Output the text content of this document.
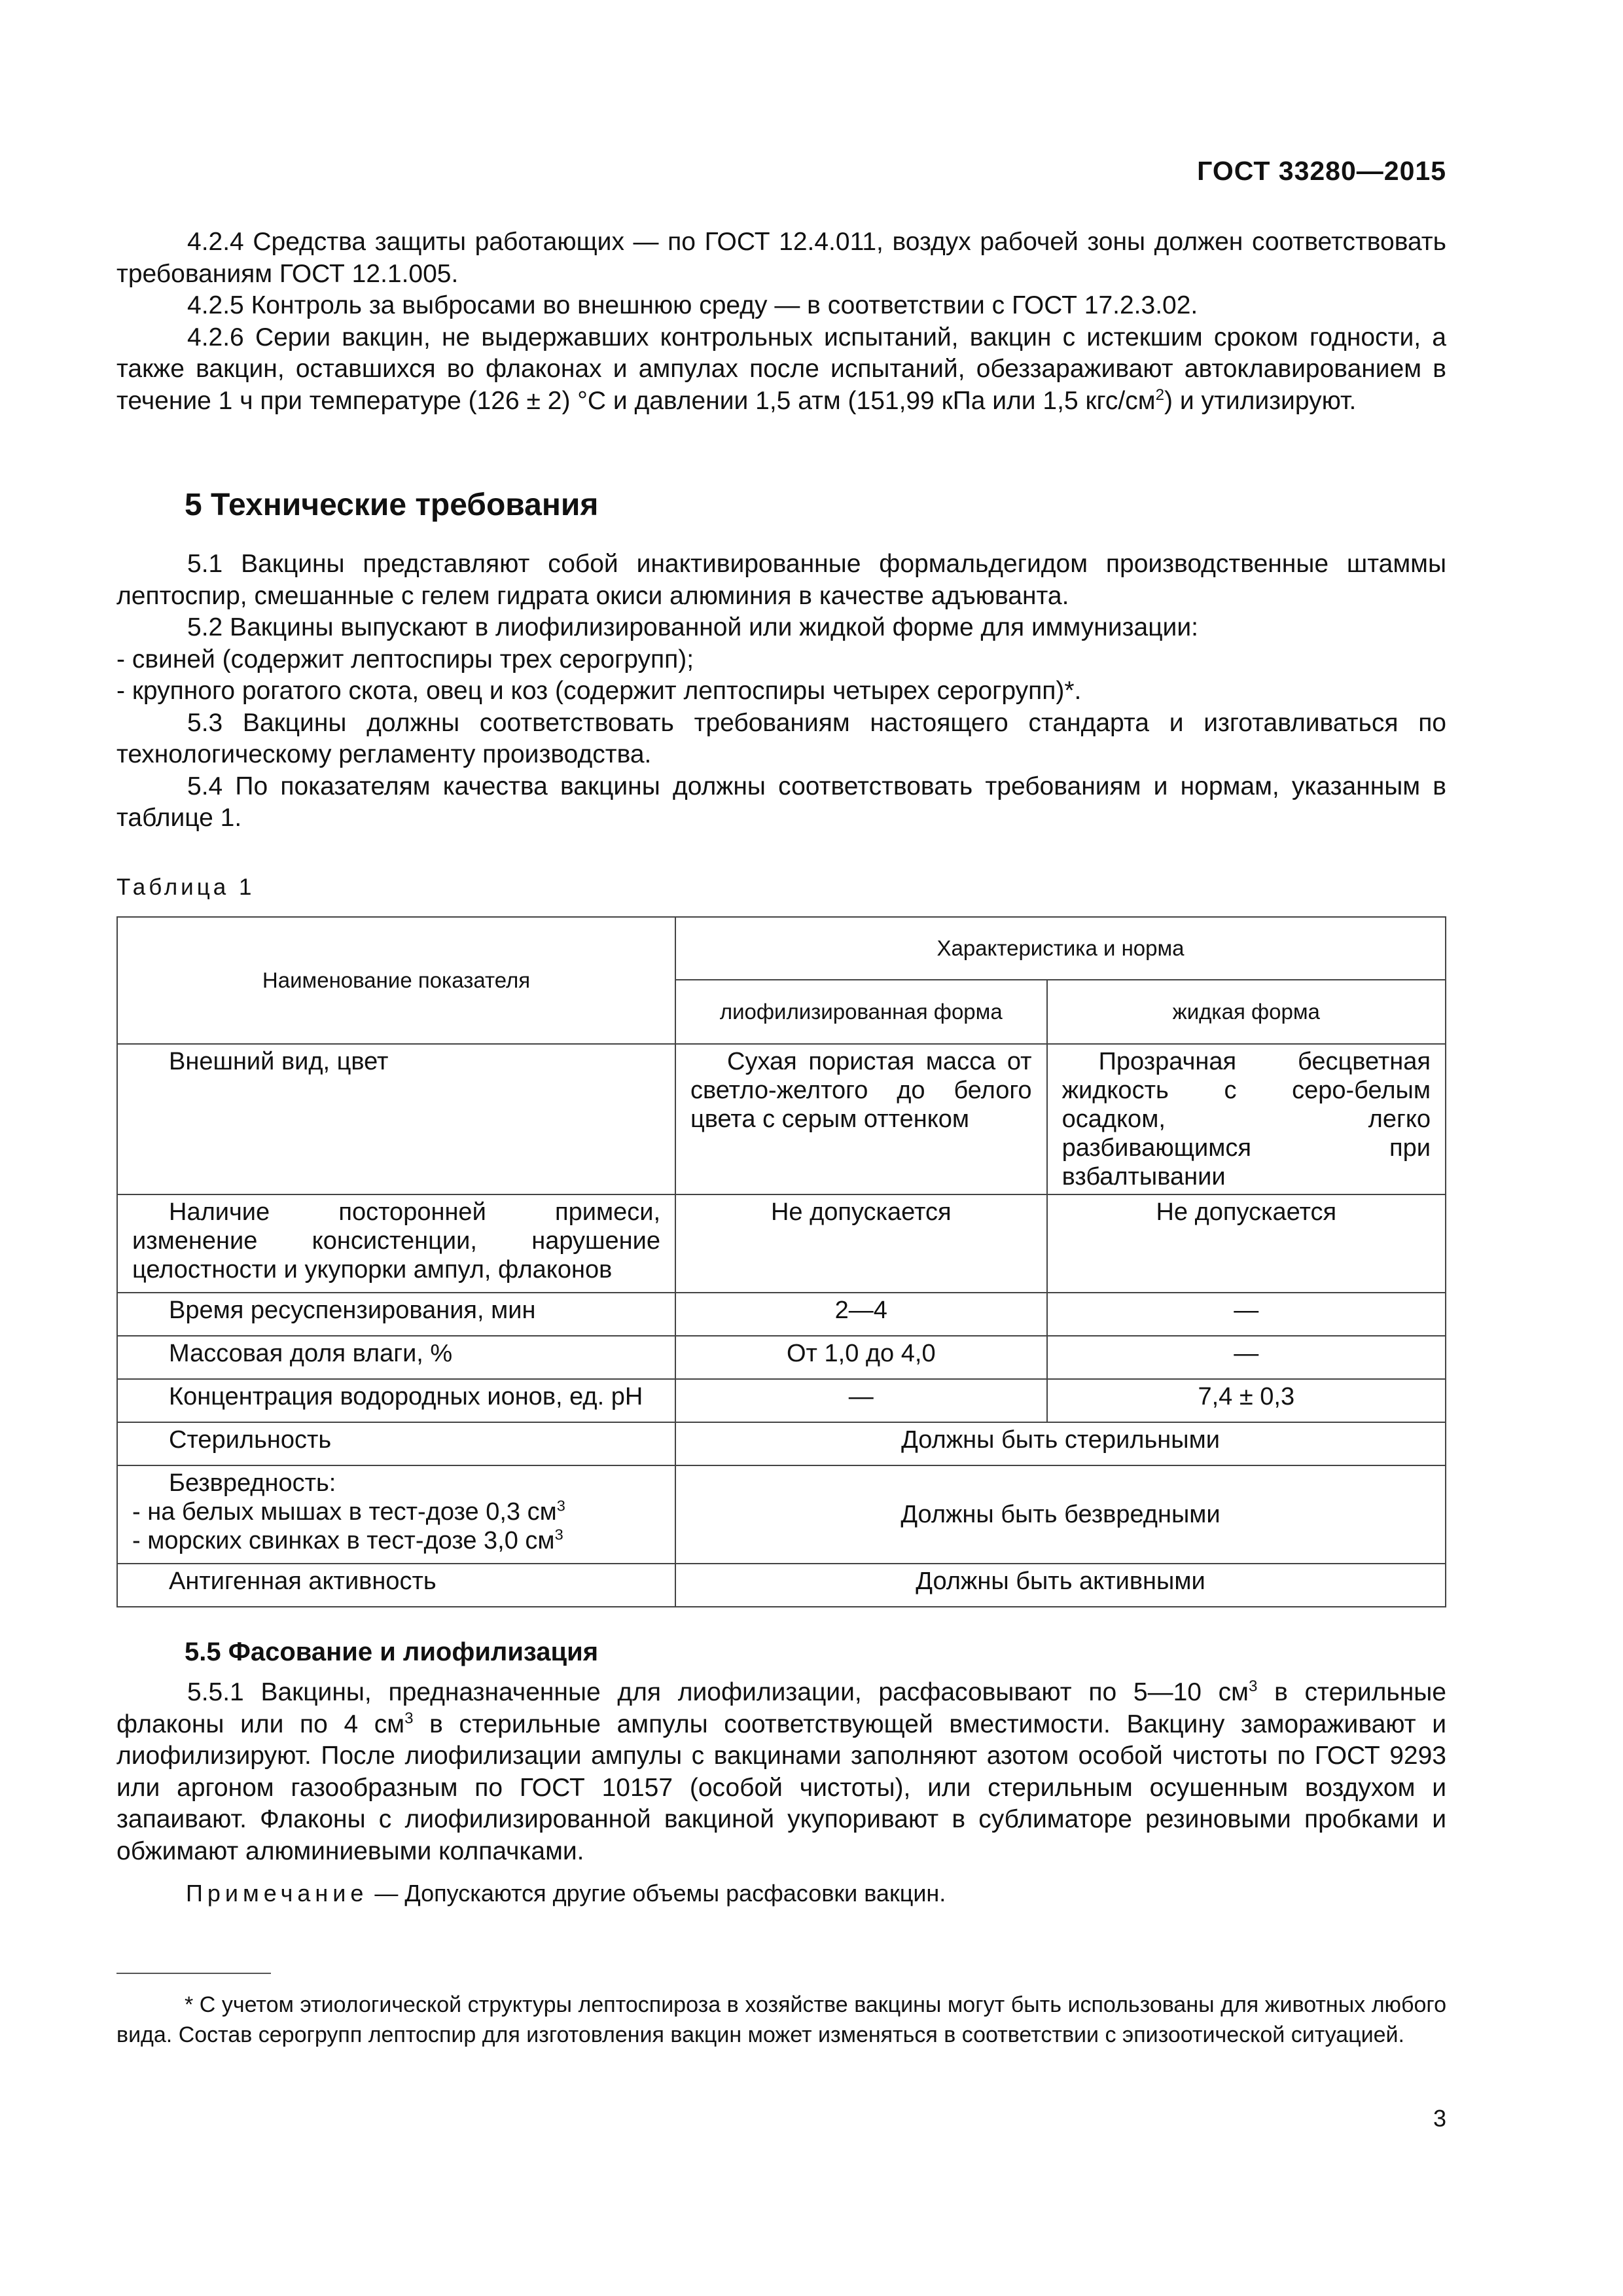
ГОСТ 33280—2015

4.2.4 Средства защиты работающих — по ГОСТ 12.4.011, воздух рабочей зоны должен соответствовать требованиям ГОСТ 12.1.005.

4.2.5 Контроль за выбросами во внешнюю среду — в соответствии с ГОСТ 17.2.3.02.

4.2.6 Серии вакцин, не выдержавших контрольных испытаний, вакцин с истекшим сроком годности, а также вакцин, оставшихся во флаконах и ампулах после испытаний, обеззараживают автоклавированием в течение 1 ч при температуре (126 ± 2) °С и давлении 1,5 атм (151,99 кПа или 1,5 кгс/$см^2$) и утилизируют.

5 Технические требования

5.1 Вакцины представляют собой инактивированные формальдегидом производственные штаммы лептоспир, смешанные с гелем гидрата окиси алюминия в качестве адъюванта.

5.2 Вакцины выпускают в лиофилизированной или жидкой форме для иммунизации:

- свиней (содержит лептоспиры трех серогрупп);

- крупного рогатого скота, овец и коз (содержит лептоспиры четырех серогрупп)*.

5.3 Вакцины должны соответствовать требованиям настоящего стандарта и изготавливаться по технологическому регламенту производства.

5.4 По показателям качества вакцины должны соответствовать требованиям и нормам, указанным в таблице 1.

Таблица 1
Наименование показателя	Характеристика и норма	
	лиофилизированная форма	жидкая форма
Внешний вид, цвет	Сухая пористая масса от светло-желтого до белого цвета с серым оттенком	Прозрачная бесцветная жидкость с серо-белым осадком, легко разбивающимся при взбалтывании
Наличие посторонней примеси, изменение консистенции, нарушение целостности и укупорки ампул, флаконов	Не допускается	Не допускается
Время ресуспензирования, мин	2—4	—
Массовая доля влаги, %	От 1,0 до 4,0	—
Концентрация водородных ионов, ед. pH	—	7,4 ± 0,3
Стерильность	Должны быть стерильными	

Безвредность:
- на белых мышах в тест-дозе 0,3 $см^3$
- морских свинках в тест-дозе 3,0 $см^3$	Должны быть безвредными	
Антигенная активность	Должны быть активными	
5.5 Фасование и лиофилизация

5.5.1 Вакцины, предназначенные для лиофилизации, расфасовывают по 5—10 $см^3$ в стерильные флаконы или по 4 $см^3$ в стерильные ампулы соответствующей вместимости. Вакцину замораживают и лиофилизируют. После лиофилизации ампулы с вакцинами заполняют азотом особой чистоты по ГОСТ 9293 или аргоном газообразным по ГОСТ 10157 (особой чистоты), или стерильным осушенным воздухом и запаивают. Флаконы с лиофилизированной вакциной укупоривают в сублиматоре резиновыми пробками и обжимают алюминиевыми колпачками.

Примечание — Допускаются другие объемы расфасовки вакцин.

* С учетом этиологической структуры лептоспироза в хозяйстве вакцины могут быть использованы для животных любого вида. Состав серогрупп лептоспир для изготовления вакцин может изменяться в соответствии с эпизоотической ситуацией.

3
